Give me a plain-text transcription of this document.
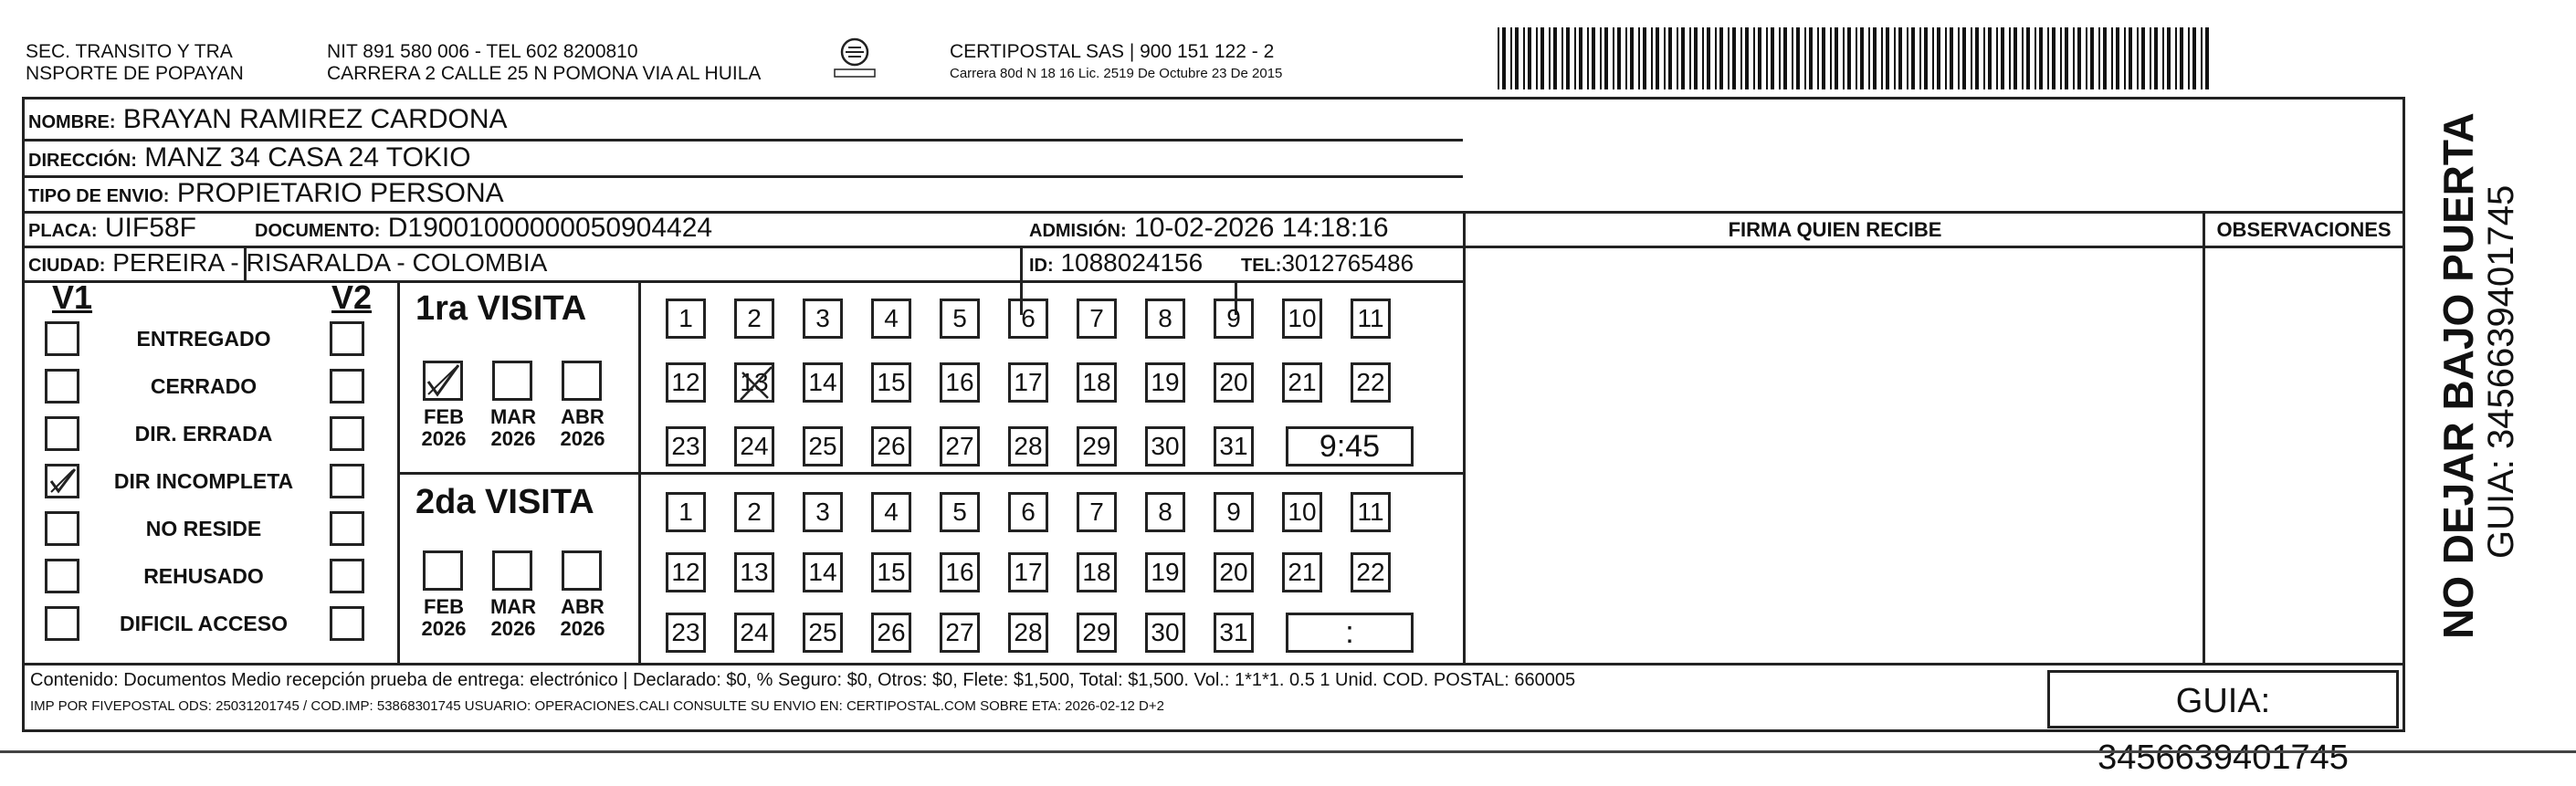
SEC. TRANSITO Y TRA
NSPORTE DE POPAYAN
NIT 891 580 006 - TEL 602 8200810
CARRERA 2 CALLE 25 N POMONA VIA AL HUILA
CERTIPOSTAL SAS | 900 151 122 - 2
Carrera 80d N 18 16 Lic. 2519 De Octubre 23 De 2015
NOMBRE: BRAYAN RAMIREZ CARDONA
DIRECCIÓN: MANZ 34 CASA 24 TOKIO
TIPO DE ENVIO: PROPIETARIO PERSONA
PLACA: UIF58F	DOCUMENTO: D19001000000050904424	ADMISIÓN: 10-02-2026 14:18:16
CIUDAD: PEREIRA - RISARALDA - COLOMBIA	ID: 1088024156 TEL:3012765486
FIRMA QUIEN RECIBE	OBSERVACIONES
V1	V2
ENTREGADO
CERRADO
DIR. ERRADA
DIR INCOMPLETA
NO RESIDE
REHUSADO
DIFICIL ACCESO
1ra VISITA
FEB
2026
MAR
2026
ABR
2026
1	2	3	4	5	6	7	8	9	10 11
12 13 14 15 16 17 18 19 20 21 22
23 24 25 26 27 28 29 30 31	9:45
2da VISITA
FEB
2026
MAR
2026
ABR
2026
1	2	3	4	5	6	7	8	9	10 11
12 13 14 15 16 17 18 19 20 21 22
23 24 25 26 27 28 29 30 31	:
Contenido: Documentos Medio recepción prueba de entrega: electrónico | Declarado: $0, % Seguro: $0, Otros: $0, Flete: $1,500, Total: $1,500. Vol.: 1*1*1. 0.5 1 Unid. COD. POSTAL: 660005
IMP POR FIVEPOSTAL ODS: 25031201745 / COD.IMP: 53868301745 USUARIO: OPERACIONES.CALI CONSULTE SU ENVIO EN: CERTIPOSTAL.COM SOBRE ETA: 2026-02-12 D+2	GUIA: 3456639401745
NO DEJAR BAJO PUERTA GUIA: 3456639401745
